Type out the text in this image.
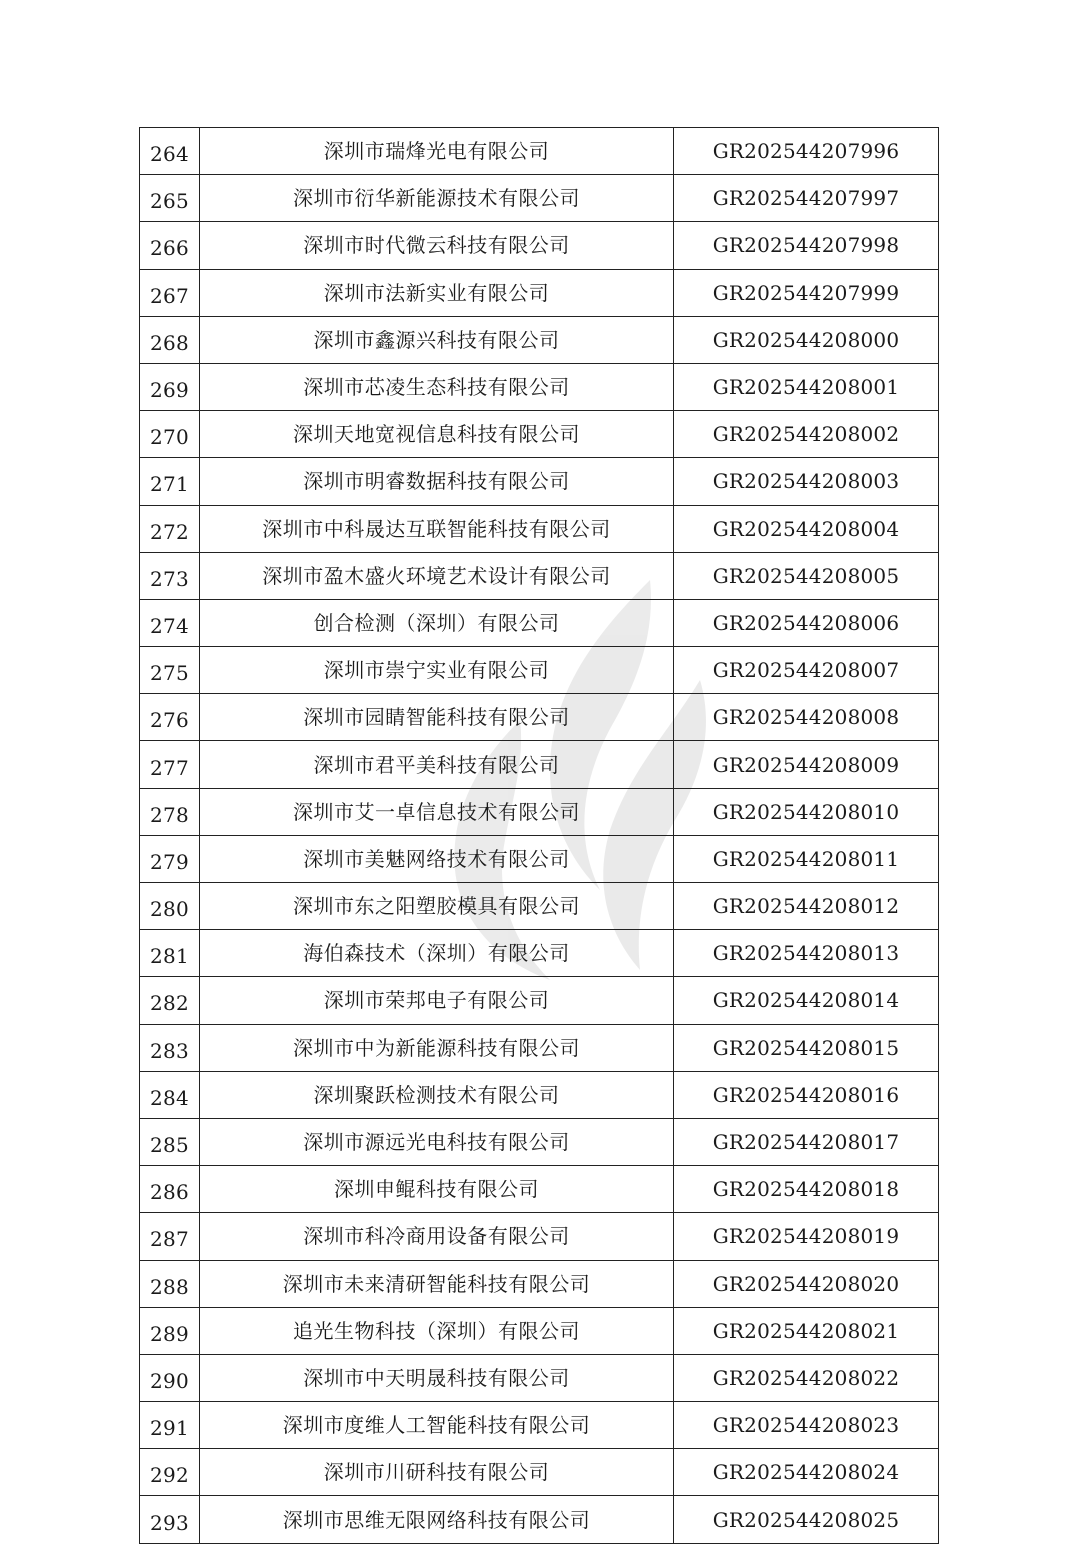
264	深圳市瑞烽光电有限公司	GR202544207996
265	深圳市衍华新能源技术有限公司	GR202544207997
266	深圳市时代微云科技有限公司	GR202544207998
267	深圳市法新实业有限公司	GR202544207999
268	深圳市鑫源兴科技有限公司	GR202544208000
269	深圳市芯凌生态科技有限公司	GR202544208001
270	深圳天地宽视信息科技有限公司	GR202544208002
271	深圳市明睿数据科技有限公司	GR202544208003
272	深圳市中科晟达互联智能科技有限公司	GR202544208004
273	深圳市盈木盛火环境艺术设计有限公司	GR202544208005
274	创合检测（深圳）有限公司	GR202544208006
275	深圳市崇宁实业有限公司	GR202544208007
276	深圳市园睛智能科技有限公司	GR202544208008
277	深圳市君平美科技有限公司	GR202544208009
278	深圳市艾一卓信息技术有限公司	GR202544208010
279	深圳市美魅网络技术有限公司	GR202544208011
280	深圳市东之阳塑胶模具有限公司	GR202544208012
281	海伯森技术（深圳）有限公司	GR202544208013
282	深圳市荣邦电子有限公司	GR202544208014
283	深圳市中为新能源科技有限公司	GR202544208015
284	深圳聚跃检测技术有限公司	GR202544208016
285	深圳市源远光电科技有限公司	GR202544208017
286	深圳申鲲科技有限公司	GR202544208018
287	深圳市科冷商用设备有限公司	GR202544208019
288	深圳市未来清研智能科技有限公司	GR202544208020
289	追光生物科技（深圳）有限公司	GR202544208021
290	深圳市中天明晟科技有限公司	GR202544208022
291	深圳市度维人工智能科技有限公司	GR202544208023
292	深圳市川研科技有限公司	GR202544208024
293	深圳市思维无限网络科技有限公司	GR202544208025
